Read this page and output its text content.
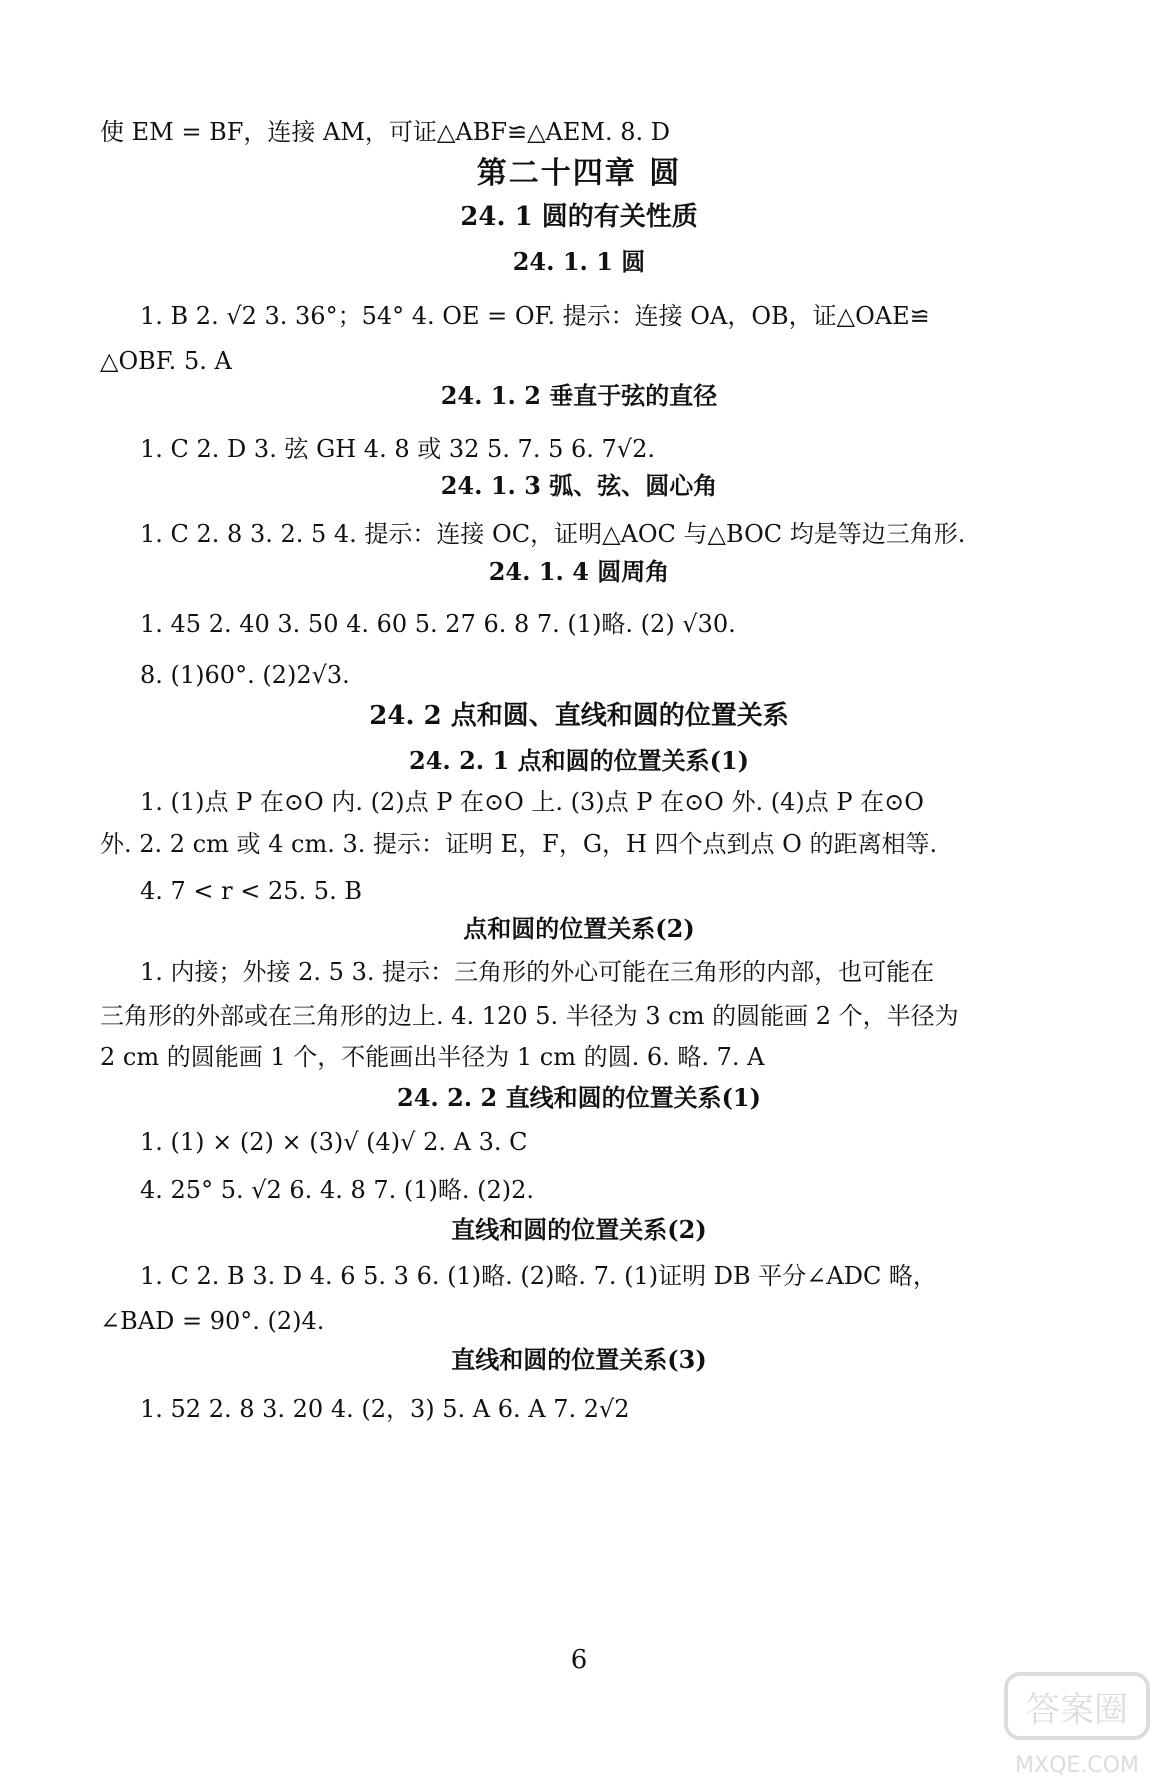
使 EM = BF，连接 AM，可证△ABF≌△AEM. 8. D
第二十四章 圆
24. 1 圆的有关性质
24. 1. 1 圆
1. B 2. √2 3. 36°；54° 4. OE = OF. 提示：连接 OA，OB，证△OAE≌
△OBF. 5. A
24. 1. 2 垂直于弦的直径
1. C 2. D 3. 弦 GH 4. 8 或 32 5. 7. 5 6. 7√2.
24. 1. 3 弧、弦、圆心角
1. C 2. 8 3. 2. 5 4. 提示：连接 OC，证明△AOC 与△BOC 均是等边三角形.
24. 1. 4 圆周角
1. 45 2. 40 3. 50 4. 60 5. 27 6. 8 7. (1)略. (2) √30.
8. (1)60°. (2)2√3.
24. 2 点和圆、直线和圆的位置关系
24. 2. 1 点和圆的位置关系(1)
1. (1)点 P 在⊙O 内. (2)点 P 在⊙O 上. (3)点 P 在⊙O 外. (4)点 P 在⊙O
外. 2. 2 cm 或 4 cm. 3. 提示：证明 E，F，G，H 四个点到点 O 的距离相等.
4. 7 < r < 25. 5. B
点和圆的位置关系(2)
1. 内接；外接 2. 5 3. 提示：三角形的外心可能在三角形的内部，也可能在
三角形的外部或在三角形的边上. 4. 120 5. 半径为 3 cm 的圆能画 2 个，半径为
2 cm 的圆能画 1 个，不能画出半径为 1 cm 的圆. 6. 略. 7. A
24. 2. 2 直线和圆的位置关系(1)
1. (1) × (2) × (3)√ (4)√ 2. A 3. C
4. 25° 5. √2 6. 4. 8 7. (1)略. (2)2.
直线和圆的位置关系(2)
1. C 2. B 3. D 4. 6 5. 3 6. (1)略. (2)略. 7. (1)证明 DB 平分∠ADC 略，
∠BAD = 90°. (2)4.
直线和圆的位置关系(3)
1. 52 2. 8 3. 20 4. (2，3) 5. A 6. A 7. 2√2
6
答案圈
MXQE.COM
